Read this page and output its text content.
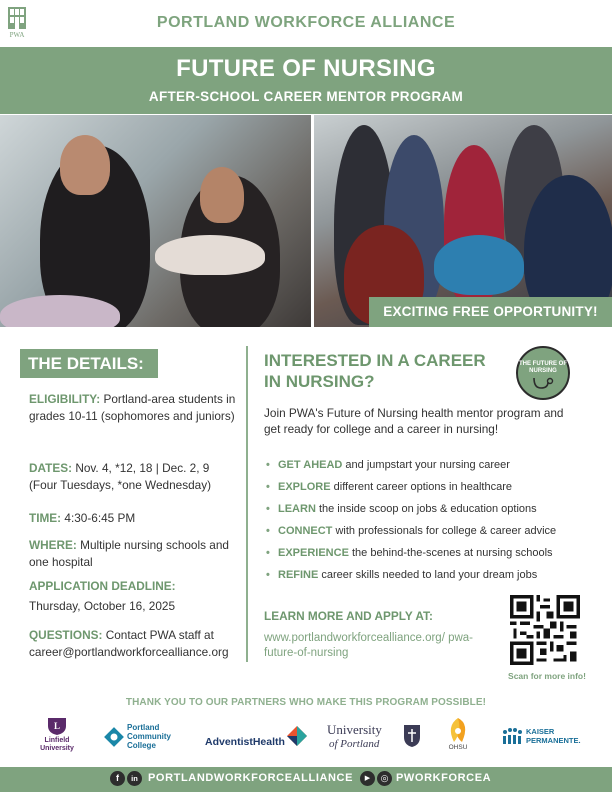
PWA
PORTLAND WORKFORCE ALLIANCE
FUTURE OF NURSING
AFTER-SCHOOL CAREER MENTOR PROGRAM
EXCITING FREE OPPORTUNITY!
THE DETAILS:
ELIGIBILITY: Portland-area students in grades 10-11 (sophomores and juniors)
DATES: Nov. 4, *12, 18 | Dec. 2, 9 (Four Tuesdays, *one Wednesday)
TIME: 4:30-6:45 PM
WHERE: Multiple nursing schools and one hospital
APPLICATION DEADLINE:
Thursday, October 16, 2025
QUESTIONS: Contact PWA staff at career@portlandworkforcealliance.org
INTERESTED IN A CAREER IN NURSING?
THE FUTURE OF NURSING
Join PWA's Future of Nursing health mentor program and get ready for college and a career in nursing!
• GET AHEAD and jumpstart your nursing career
• EXPLORE different career options in healthcare
• LEARN the inside scoop on jobs & education options
• CONNECT with professionals for college & career advice
• EXPERIENCE the behind-the-scenes at nursing schools
• REFINE career skills needed to land your dream jobs
LEARN MORE AND APPLY AT:
www.portlandworkforcealliance.org/ pwa-future-of-nursing
Scan for more info!
THANK YOU TO OUR PARTNERS WHO MAKE THIS PROGRAM POSSIBLE!
L
Linfield University
Portland Community College	AdventistHealth
University
of Portland	OHSU
KAISER PERMANENTE.
f	in PORTLANDWORKFORCEALLIANCE	▶	◎ PWORKFORCEA
